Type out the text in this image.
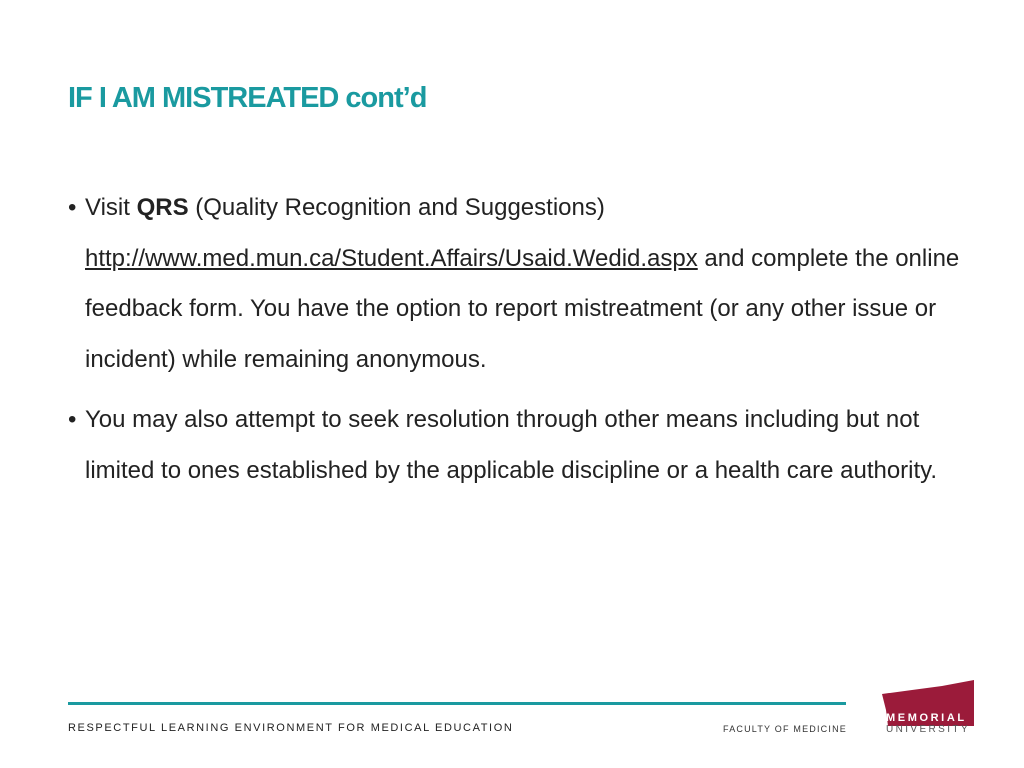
IF I AM MISTREATED cont’d

• Visit QRS (Quality Recognition and Suggestions)
http://www.med.mun.ca/Student.Affairs/Usaid.Wedid.aspx and complete the online feedback form. You have the option to report mistreatment (or any other issue or incident) while remaining anonymous.

• You may also attempt to seek resolution through other means including but not limited to ones established by the applicable discipline or a health care authority.

RESPECTFUL LEARNING ENVIRONMENT FOR MEDICAL EDUCATION	FACULTY OF MEDICINE
MEMORIAL
UNIVERSITY
